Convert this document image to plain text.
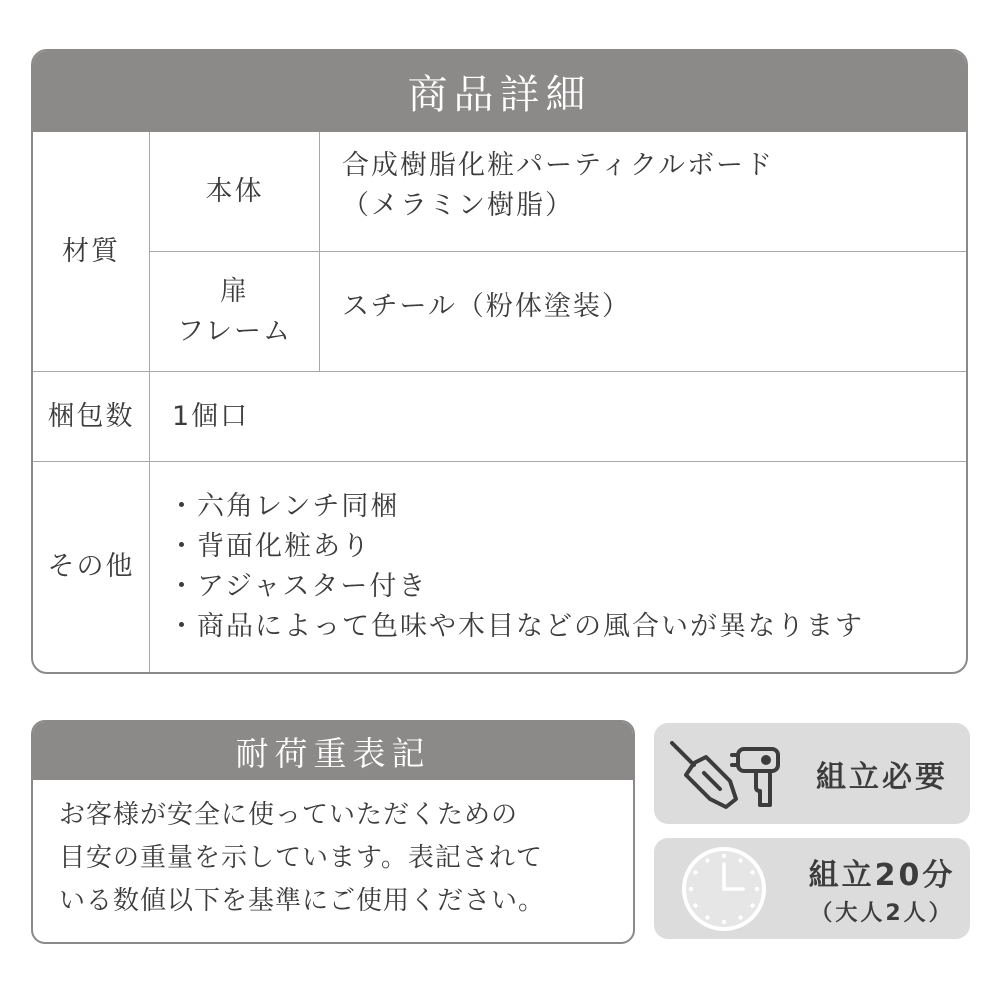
商品詳細
材質
本体
合成樹脂化粧パーティクルボード
（メラミン樹脂）
扉
フレーム
スチール（粉体塗装）
梱包数	1個口
その他
・ 六角レンチ同梱
・ 背面化粧あり
・ アジャスター付き
・ 商品によって色味や木目などの風合いが異なります
耐荷重表記

お客様が安全に使っていただくための
目安の重量を示しています。表記されて
いる数値以下を基準にご使用ください。

組立必要
組立20分
（大人2人）
